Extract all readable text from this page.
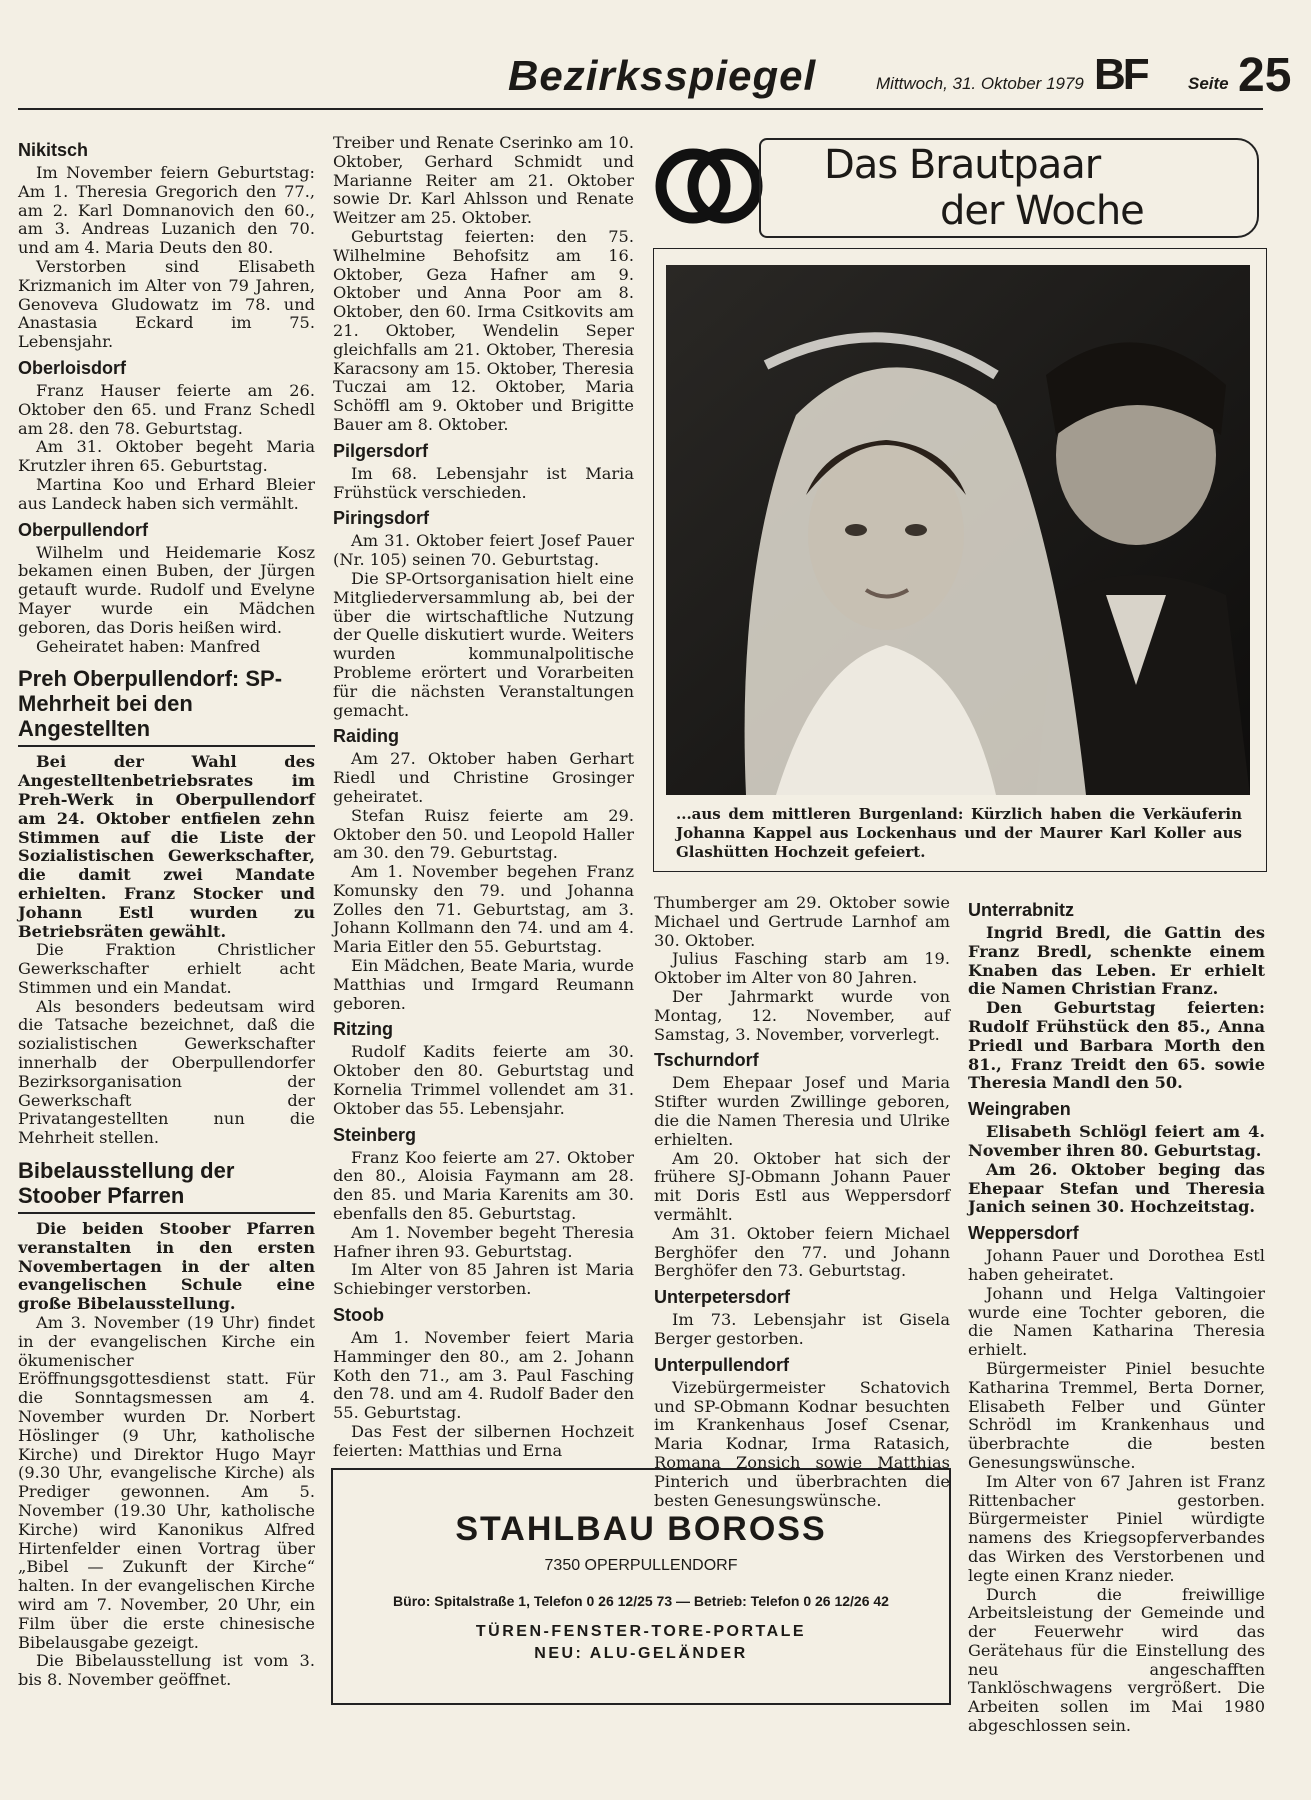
Bezirksspiegel	Mittwoch, 31. Oktober 1979 BF Seite 25
Nikitsch

Im November feiern Geburtstag: Am 1. Theresia Gregorich den 77., am 2. Karl Domnanovich den 60., am 3. Andreas Luzanich den 70. und am 4. Maria Deuts den 80.

Verstorben sind Elisabeth Krizmanich im Alter von 79 Jahren, Genoveva Gludowatz im 78. und Anastasia Eckard im 75. Lebensjahr.

Oberloisdorf

Franz Hauser feierte am 26. Oktober den 65. und Franz Schedl am 28. den 78. Geburtstag.

Am 31. Oktober begeht Maria Krutzler ihren 65. Geburtstag.

Martina Koo und Erhard Bleier aus Landeck haben sich vermählt.

Oberpullendorf

Wilhelm und Heidemarie Kosz bekamen einen Buben, der Jürgen getauft wurde. Rudolf und Evelyne Mayer wurde ein Mädchen geboren, das Doris heißen wird.

Geheiratet haben: Manfred

Preh Oberpullendorf: SP-Mehrheit bei den Angestellten

Bei der Wahl des Angestelltenbetriebsrates im Preh-Werk in Oberpullendorf am 24. Oktober entfielen zehn Stimmen auf die Liste der Sozialistischen Gewerkschafter, die damit zwei Mandate erhielten. Franz Stocker und Johann Estl wurden zu Betriebsräten gewählt.

Die Fraktion Christlicher Gewerkschafter erhielt acht Stimmen und ein Mandat.

Als besonders bedeutsam wird die Tatsache bezeichnet, daß die sozialistischen Gewerkschafter innerhalb der Oberpullendorfer Bezirksorganisation der Gewerkschaft der Privatangestellten nun die Mehrheit stellen.

Bibelausstellung der Stoober Pfarren

Die beiden Stoober Pfarren veranstalten in den ersten Novembertagen in der alten evangelischen Schule eine große Bibelausstellung.

Am 3. November (19 Uhr) findet in der evangelischen Kirche ein ökumenischer Eröffnungsgottesdienst statt. Für die Sonntagsmessen am 4. November wurden Dr. Norbert Höslinger (9 Uhr, katholische Kirche) und Direktor Hugo Mayr (9.30 Uhr, evangelische Kirche) als Prediger gewonnen. Am 5. November (19.30 Uhr, katholische Kirche) wird Kanonikus Alfred Hirtenfelder einen Vortrag über „Bibel — Zukunft der Kirche“ halten. In der evangelischen Kirche wird am 7. November, 20 Uhr, ein Film über die erste chinesische Bibelausgabe gezeigt.

Die Bibelausstellung ist vom 3. bis 8. November geöffnet.

Treiber und Renate Cserinko am 10. Oktober, Gerhard Schmidt und Marianne Reiter am 21. Oktober sowie Dr. Karl Ahlsson und Renate Weitzer am 25. Oktober.

Geburtstag feierten: den 75. Wilhelmine Behofsitz am 16. Oktober, Geza Hafner am 9. Oktober und Anna Poor am 8. Oktober, den 60. Irma Csitkovits am 21. Oktober, Wendelin Seper gleichfalls am 21. Oktober, Theresia Karacsony am 15. Oktober, Theresia Tuczai am 12. Oktober, Maria Schöffl am 9. Oktober und Brigitte Bauer am 8. Oktober.

Pilgersdorf

Im 68. Lebensjahr ist Maria Frühstück verschieden.

Piringsdorf

Am 31. Oktober feiert Josef Pauer (Nr. 105) seinen 70. Geburtstag.

Die SP-Ortsorganisation hielt eine Mitgliederversammlung ab, bei der über die wirtschaftliche Nutzung der Quelle diskutiert wurde. Weiters wurden kommunalpolitische Probleme erörtert und Vorarbeiten für die nächsten Veranstaltungen gemacht.

Raiding

Am 27. Oktober haben Gerhart Riedl und Christine Grosinger geheiratet.

Stefan Ruisz feierte am 29. Oktober den 50. und Leopold Haller am 30. den 79. Geburtstag.

Am 1. November begehen Franz Komunsky den 79. und Johanna Zolles den 71. Geburtstag, am 3. Johann Kollmann den 74. und am 4. Maria Eitler den 55. Geburtstag.

Ein Mädchen, Beate Maria, wurde Matthias und Irmgard Reumann geboren.

Ritzing

Rudolf Kadits feierte am 30. Oktober den 80. Geburtstag und Kornelia Trimmel vollendet am 31. Oktober das 55. Lebensjahr.

Steinberg

Franz Koo feierte am 27. Oktober den 80., Aloisia Faymann am 28. den 85. und Maria Karenits am 30. ebenfalls den 85. Geburtstag.

Am 1. November begeht Theresia Hafner ihren 93. Geburtstag.

Im Alter von 85 Jahren ist Maria Schiebinger verstorben.

Stoob

Am 1. November feiert Maria Hamminger den 80., am 2. Johann Koth den 71., am 3. Paul Fasching den 78. und am 4. Rudolf Bader den 55. Geburtstag.

Das Fest der silbernen Hochzeit feierten: Matthias und Erna

Das Brautpaar
der Woche
...aus dem mittleren Burgenland: Kürzlich haben die Verkäuferin Johanna Kappel aus Lockenhaus und der Maurer Karl Koller aus Glashütten Hochzeit gefeiert.

Thumberger am 29. Oktober sowie Michael und Gertrude Larnhof am 30. Oktober.

Julius Fasching starb am 19. Oktober im Alter von 80 Jahren.

Der Jahrmarkt wurde von Montag, 12. November, auf Samstag, 3. November, vorverlegt.

Tschurndorf

Dem Ehepaar Josef und Maria Stifter wurden Zwillinge geboren, die die Namen Theresia und Ulrike erhielten.

Am 20. Oktober hat sich der frühere SJ-Obmann Johann Pauer mit Doris Estl aus Weppersdorf vermählt.

Am 31. Oktober feiern Michael Berghöfer den 77. und Johann Berghöfer den 73. Geburtstag.

Unterpetersdorf

Im 73. Lebensjahr ist Gisela Berger gestorben.

Unterpullendorf

Vizebürgermeister Schatovich und SP-Obmann Kodnar besuchten im Krankenhaus Josef Csenar, Maria Kodnar, Irma Ratasich, Romana Zonsich sowie Matthias Pinterich und überbrachten die besten Genesungswünsche.

Unterrabnitz

Ingrid Bredl, die Gattin des Franz Bredl, schenkte einem Knaben das Leben. Er erhielt die Namen Christian Franz.

Den Geburtstag feierten: Rudolf Frühstück den 85., Anna Priedl und Barbara Morth den 81., Franz Treidt den 65. sowie Theresia Mandl den 50.

Weingraben

Elisabeth Schlögl feiert am 4. November ihren 80. Geburtstag.

Am 26. Oktober beging das Ehepaar Stefan und Theresia Janich seinen 30. Hochzeitstag.

Weppersdorf

Johann Pauer und Dorothea Estl haben geheiratet.

Johann und Helga Valtingoier wurde eine Tochter geboren, die die Namen Katharina Theresia erhielt.

Bürgermeister Piniel besuchte Katharina Tremmel, Berta Dorner, Elisabeth Felber und Günter Schrödl im Krankenhaus und überbrachte die besten Genesungswünsche.

Im Alter von 67 Jahren ist Franz Rittenbacher gestorben. Bürgermeister Piniel würdigte namens des Kriegsopferverbandes das Wirken des Verstorbenen und legte einen Kranz nieder.

Durch die freiwillige Arbeitsleistung der Gemeinde und der Feuerwehr wird das Gerätehaus für die Einstellung des neu angeschafften Tanklöschwagens vergrößert. Die Arbeiten sollen im Mai 1980 abgeschlossen sein.

STAHLBAU BOROSS
7350 OPERPULLENDORF
Büro: Spitalstraße 1, Telefon 0 26 12/25 73 — Betrieb: Telefon 0 26 12/26 42
TÜREN-FENSTER-TORE-PORTALE
NEU: ALU-GELÄNDER
